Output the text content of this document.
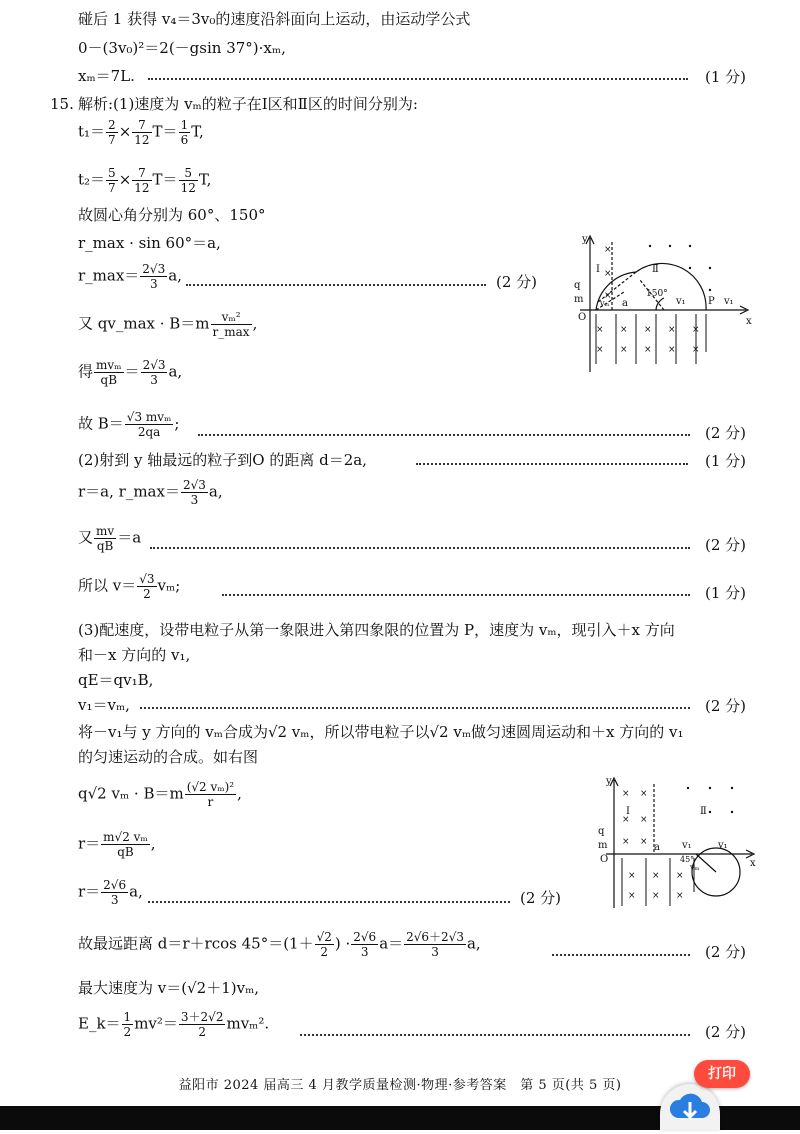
碰后 1 获得 v₄＝3v₀的速度沿斜面向上运动，由运动学公式
0－(3v₀)²＝2(－gsin 37°)·xₘ,
xₘ＝7L.	(1 分)
15. 解析:(1)速度为 vₘ的粒子在Ⅰ区和Ⅱ区的时间分别为:
$t_1= \frac{2}{7} \times \frac{7}{12} T= \frac{1}{6} T$,
$t_2= \frac{5}{7} \times \frac{7}{12} T= \frac{5}{12} T$,
故圆心角分别为 60°、150°
r_max · sin 60°＝a,
r_max＝ $\frac{2√3}{3} a$,	(2 分)
又 qv_max · $B=m \frac{\text{vₘ²}}{r\_\max}$ ,
得 $\frac{\text{mvₘ}}{qB} = \frac{2√3}{3} a$,
故 $B= \frac{\text{√3 mvₘ}}{2qa}$ ;
(2 分)
(2)射到 y 轴最远的粒子到O 的距离 d＝2a,	(1 分)
r＝a, r_max＝ $\frac{2√3}{3} a$,
又 $\frac{mv}{qB} =a$	(2 分)
所以 $v= \frac{√3}{2} v_m$;	(1 分)
(3)配速度，设带电粒子从第一象限进入第四象限的位置为 P，速度为 vₘ，现引入＋x 方向
和－x 方向的 v₁,
qE＝qv₁B,
v₁＝vₘ,	(2 分)
将－v₁与 y 方向的 vₘ合成为√2 vₘ，所以带电粒子以√2 vₘ做匀速圆周运动和＋x 方向的 v₁
的匀速运动的合成。如右图
q√2 $v_m \cdot B=m \frac{\text{(√2 vₘ)²}}{r}$ ,
$r= \frac{\text{m√2 vₘ}}{qB}$ ,
$r= \frac{2√6}{3} a$,	(2 分)
故最远距离 d＝r＋rcos $45^\circ=(1+ \frac{√2}{2}$ ) · $\frac{2√6}{3} a= \frac{2√6+2√3}{3} a$,	(2 分)
最大速度为 v＝(√2＋1)vₘ,
E_k＝ $\frac{1}{2} mv^2= \frac{3+2√2}{2} mv_m^2$.	(2 分)
×
×
×
× × × × ×
× × × × ×
y
x
O
q
m	a	P
v₁	v₁
vₘ
Ⅰ	Ⅱ
150°
× ×
× ×
× ×
× × ×
× × ×
y
x
O
q
m	a v₁	v₁
vₘ
Ⅰ	Ⅱ
45°
益阳市 2024 届高三 4 月教学质量检测·物理·参考答案　第 5 页(共 5 页)
打印
